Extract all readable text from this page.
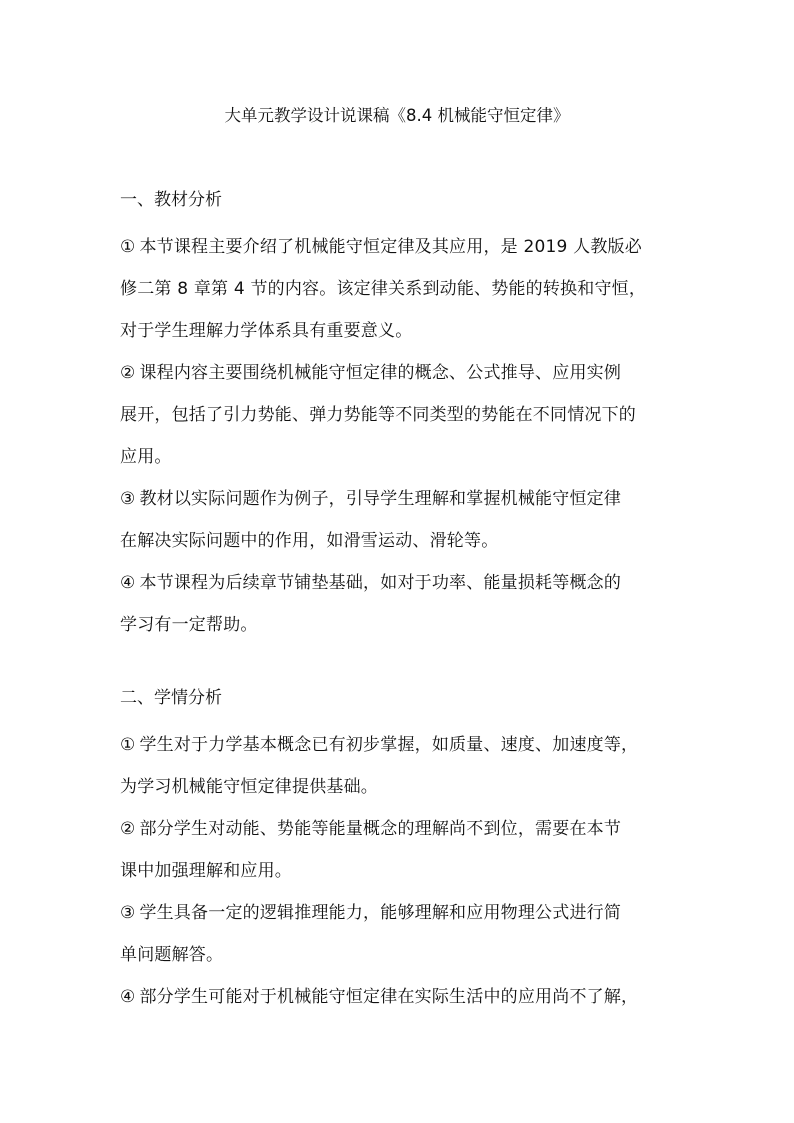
大单元教学设计说课稿《8.4 机械能守恒定律》
一、教材分析

① 本节课程主要介绍了机械能守恒定律及其应用，是 2019 人教版必
修二第 8 章第 4 节的内容。该定律关系到动能、势能的转换和守恒，
对于学生理解力学体系具有重要意义。

② 课程内容主要围绕机械能守恒定律的概念、公式推导、应用实例
展开，包括了引力势能、弹力势能等不同类型的势能在不同情况下的
应用。

③ 教材以实际问题作为例子，引导学生理解和掌握机械能守恒定律
在解决实际问题中的作用，如滑雪运动、滑轮等。

④ 本节课程为后续章节铺垫基础，如对于功率、能量损耗等概念的
学习有一定帮助。

二、学情分析

① 学生对于力学基本概念已有初步掌握，如质量、速度、加速度等，
为学习机械能守恒定律提供基础。

② 部分学生对动能、势能等能量概念的理解尚不到位，需要在本节
课中加强理解和应用。

③ 学生具备一定的逻辑推理能力，能够理解和应用物理公式进行简
单问题解答。

④ 部分学生可能对于机械能守恒定律在实际生活中的应用尚不了解，
